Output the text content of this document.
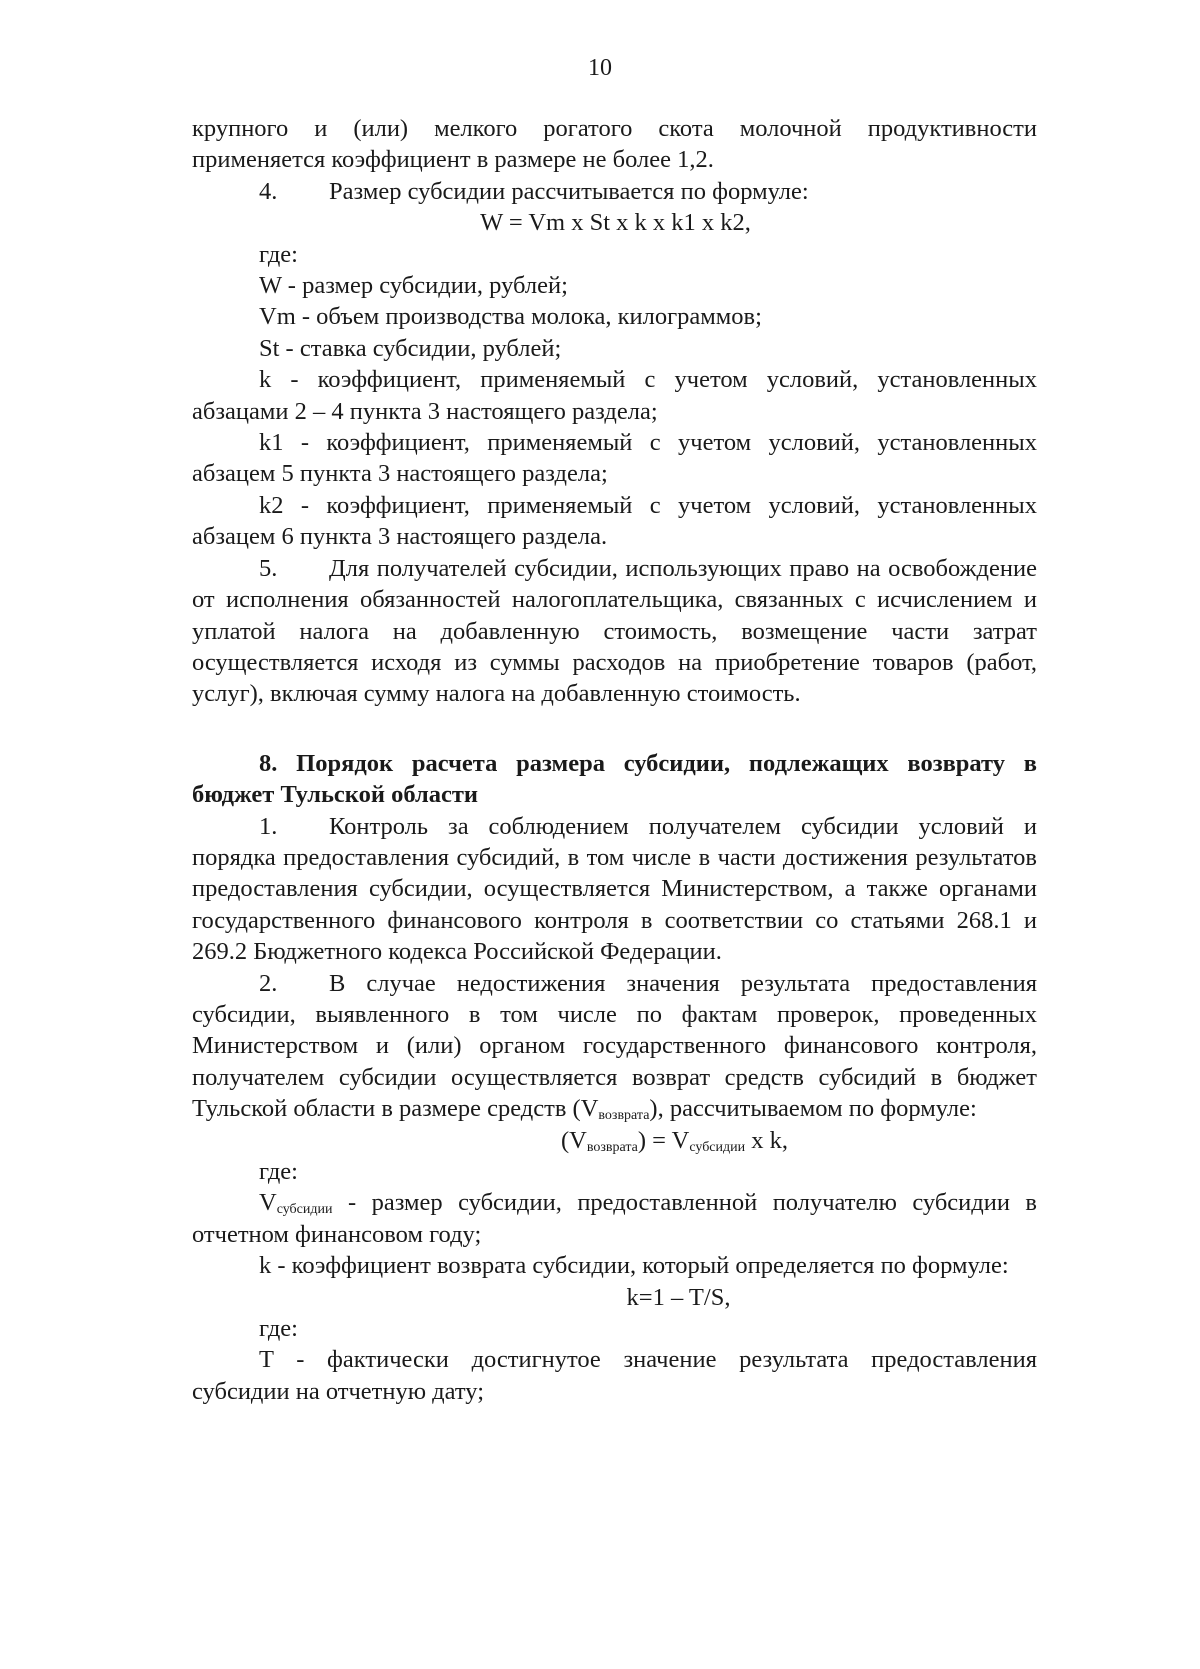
10

крупного и (или) мелкого рогатого скота молочной продуктивности применяется коэффициент в размере не более 1,2.

4. Размер субсидии рассчитывается по формуле:

W = Vm x St x k x k1 x k2,

где:

W - размер субсидии, рублей;

Vm - объем производства молока, килограммов;

St - ставка субсидии, рублей;

k - коэффициент, применяемый с учетом условий, установленных абзацами 2 – 4 пункта 3 настоящего раздела;

k1 - коэффициент, применяемый с учетом условий, установленных абзацем 5 пункта 3 настоящего раздела;

k2 - коэффициент, применяемый с учетом условий, установленных абзацем 6 пункта 3 настоящего раздела.

5. Для получателей субсидии, использующих право на освобождение от исполнения обязанностей налогоплательщика, связанных с исчислением и уплатой налога на добавленную стоимость, возмещение части затрат осуществляется исходя из суммы расходов на приобретение товаров (работ, услуг), включая сумму налога на добавленную стоимость.

8. Порядок расчета размера субсидии, подлежащих возврату в бюджет Тульской области

1. Контроль за соблюдением получателем субсидии условий и порядка предоставления субсидий, в том числе в части достижения результатов предоставления субсидии, осуществляется Министерством, а также органами государственного финансового контроля в соответствии со статьями 268.1 и 269.2 Бюджетного кодекса Российской Федерации.

2. В случае недостижения значения результата предоставления субсидии, выявленного в том числе по фактам проверок, проведенных Министерством и (или) органом государственного финансового контроля, получателем субсидии осуществляется возврат средств субсидий в бюджет Тульской области в размере средств $(V_{возврата})$, рассчитываемом по формуле:

$(V_{возврата}) = V_{субсидии}$ x k,

где:

$V_{субсидии}$ - размер субсидии, предоставленной получателю субсидии в отчетном финансовом году;

k - коэффициент возврата субсидии, который определяется по формуле:

k=1 – T/S,

где:

T - фактически достигнутое значение результата предоставления субсидии на отчетную дату;
